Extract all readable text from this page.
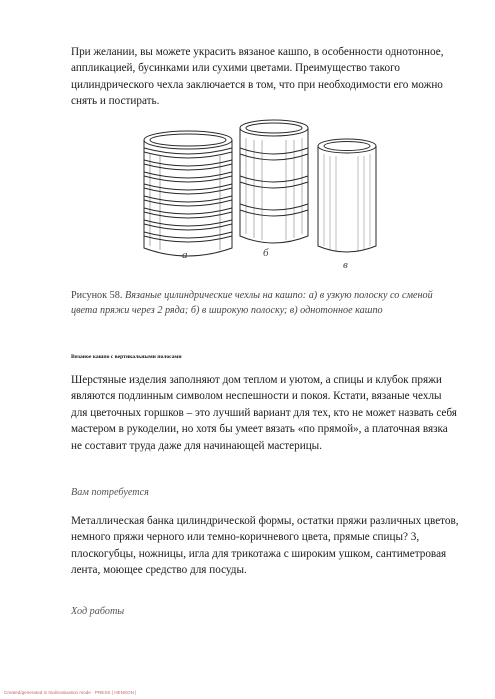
При желании, вы можете украсить вязаное кашпо, в особенности однотонное, аппликацией, бусинками или сухими цветами. Преимущество такого цилиндрического чехла заключается в том, что при необходимости его можно снять и постирать.

а	б
в

Рисунок 58. Вязаные цилиндрические чехлы на кашпо: а) в узкую полоску со сменой цвета пряжи через 2 ряда; б) в широкую полоску; в) однотонное кашпо

Вязаное кашпо с вертикальными полосами

Шерстяные изделия заполняют дом теплом и уютом, а спицы и клубок пряжи являются подлинным символом неспешности и покоя. Кстати, вязаные чехлы для цветочных горшков – это лучший вариант для тех, кто не может назвать себя мастером в рукоделии, но хотя бы умеет вязать «по прямой», а платочная вязка не составит труда даже для начинающей мастерицы.

Вам потребуется

Металлическая банка цилиндрической формы, остатки пряжи различных цветов, немного пряжи черного или темно-коричневого цвета, прямые спицы? 3, плоскогубцы, ножницы, игла для трикотажа с широким ушком, сантиметровая лента, моющее средство для посуды.

Ход работы
Created/generated in trial/evaluation mode · PRESS | HENSON |
